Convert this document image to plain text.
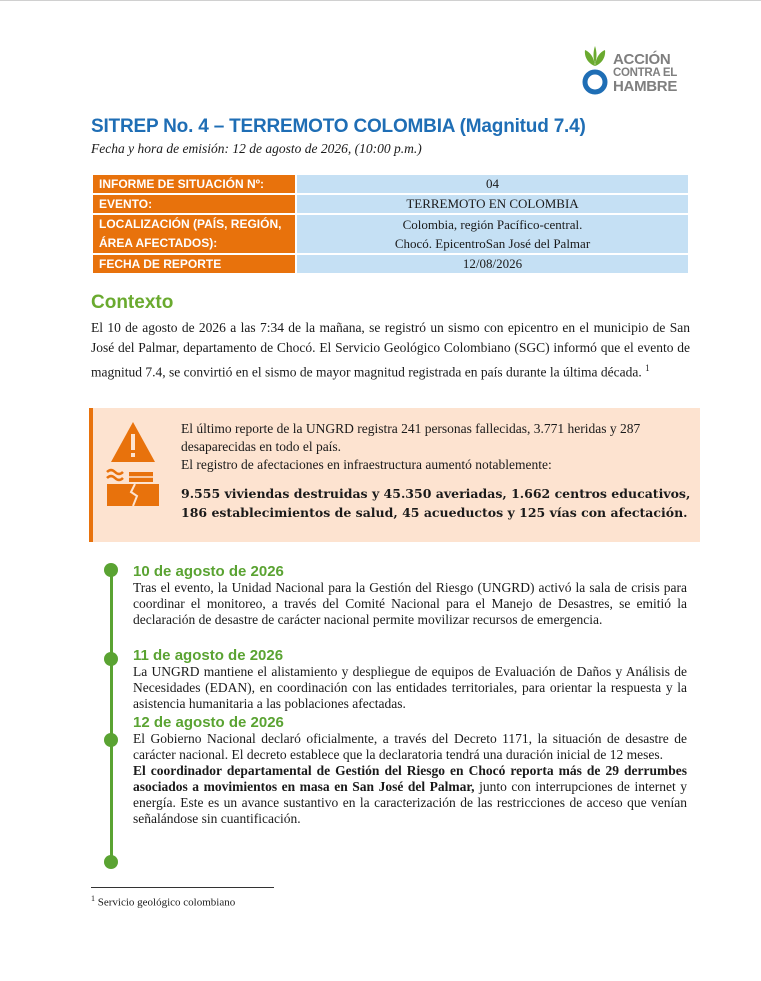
ACCIÓN
CONTRA EL
HAMBRE
SITREP No. 4 – TERREMOTO COLOMBIA (Magnitud 7.4)
Fecha y hora de emisión: 12 de agosto de 2026, (10:00 p.m.)
INFORME DE SITUACIÓN Nº:	04
EVENTO:	TERREMOTO EN COLOMBIA

LOCALIZACIÓN (PAÍS, REGIÓN,
ÁREA AFECTADOS):	Colombia, región Pacífico-central.
Chocó. EpicentroSan José del Palmar

FECHA DE REPORTE	12/08/2026
Contexto

El 10 de agosto de 2026 a las 7:34 de la mañana, se registró un sismo con epicentro en el municipio de San José del Palmar, departamento de Chocó. El Servicio Geológico Colombiano (SGC) informó que el evento de magnitud 7.4, se convirtió en el sismo de mayor magnitud registrada en país durante la última década. $^1$

El último reporte de la UNGRD registra 241 personas fallecidas, 3.771 heridas y 287 desaparecidas en todo el país.

El registro de afectaciones en infraestructura aumentó notablemente:

9.555 viviendas destruidas y 45.350 averiadas, 1.662 centros educativos, 186 establecimientos de salud, 45 acueductos y 125 vías con afectación.

10 de agosto de 2026

Tras el evento, la Unidad Nacional para la Gestión del Riesgo (UNGRD) activó la sala de crisis para coordinar el monitoreo, a través del Comité Nacional para el Manejo de Desastres, se emitió la declaración de desastre de carácter nacional permite movilizar recursos de emergencia.

11 de agosto de 2026

La UNGRD mantiene el alistamiento y despliegue de equipos de Evaluación de Daños y Análisis de Necesidades (EDAN), en coordinación con las entidades territoriales, para orientar la respuesta y la asistencia humanitaria a las poblaciones afectadas.

12 de agosto de 2026

El Gobierno Nacional declaró oficialmente, a través del Decreto 1171, la situación de desastre de carácter nacional. El decreto establece que la declaratoria tendrá una duración inicial de 12 meses.

El coordinador departamental de Gestión del Riesgo en Chocó reporta más de 29 derrumbes asociados a movimientos en masa en San José del Palmar, junto con interrupciones de internet y energía. Este es un avance sustantivo en la caracterización de las restricciones de acceso que venían señalándose sin cuantificación.

$^1$ Servicio geológico colombiano
